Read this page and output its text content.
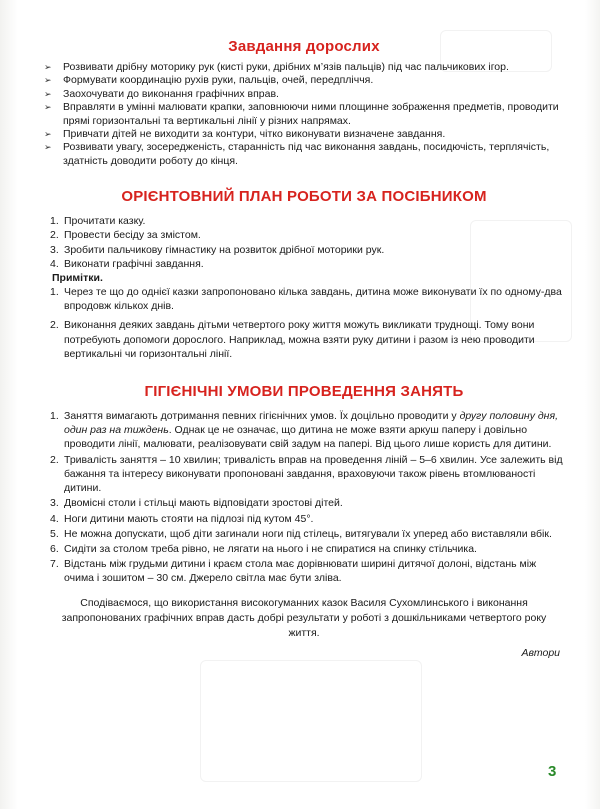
Завдання дорослих
➢ Розвивати дрібну моторику рук (кисті руки, дрібних м’язів пальців) під час пальчикових ігор.
➢ Формувати координацію рухів руки, пальців, очей, передпліччя.
➢ Заохочувати до виконання графічних вправ.
➢ Вправляти в умінні малювати крапки, заповнюючи ними площинне зображення предметів, проводити прямі горизонтальні та вертикальні лінії у різних напрямах.
➢ Привчати дітей не виходити за контури, чітко виконувати визначене завдання.
➢ Розвивати увагу, зосередженість, старанність під час виконання завдань, посидючість, терплячість, здатність доводити роботу до кінця.
ОРІЄНТОВНИЙ ПЛАН РОБОТИ ЗА ПОСІБНИКОМ
1. Прочитати казку.
2. Провести бесіду за змістом.
3. Зробити пальчикову гімнастику на розвиток дрібної моторики рук.
4. Виконати графічні завдання.
Примітки.
1. Через те що до однієї казки запропоновано кілька завдань, дитина може виконувати їх по одному-два впродовж кількох днів.
2. Виконання деяких завдань дітьми четвертого року життя можуть викликати труднощі. Тому вони потребують допомоги дорослого. Наприклад, можна взяти руку дитини і разом із нею проводити вертикальні чи горизонтальні лінії.
ГІГІЄНІЧНІ УМОВИ ПРОВЕДЕННЯ ЗАНЯТЬ
1. Заняття вимагають дотримання певних гігієнічних умов. Їх доцільно проводити у другу половину дня, один раз на тиждень. Однак це не означає, що дитина не може взяти аркуш паперу і довільно проводити лінії, малювати, реалізовувати свій задум на папері. Від цього лише користь для дитини.
2. Тривалість заняття – 10 хвилин; тривалість вправ на проведення ліній – 5–6 хвилин. Усе залежить від бажання та інтересу виконувати пропоновані завдання, враховуючи також рівень втомлюваності дитини.
3. Двомісні столи і стільці мають відповідати зростові дітей.
4. Ноги дитини мають стояти на підлозі під кутом 45°.
5. Не можна допускати, щоб діти загинали ноги під стілець, витягували їх уперед або виставляли вбік.
6. Сидіти за столом треба рівно, не лягати на нього і не спиратися на спинку стільчика.
7. Відстань між грудьми дитини і краєм стола має дорівнювати ширині дитячої долоні, відстань між очима і зошитом – 30 см. Джерело світла має бути зліва.
Сподіваємося, що використання високогуманних казок Василя Сухомлинського і виконання запропонованих графічних вправ дасть добрі результати у роботі з дошкільниками четвертого року життя.
Автори
3
